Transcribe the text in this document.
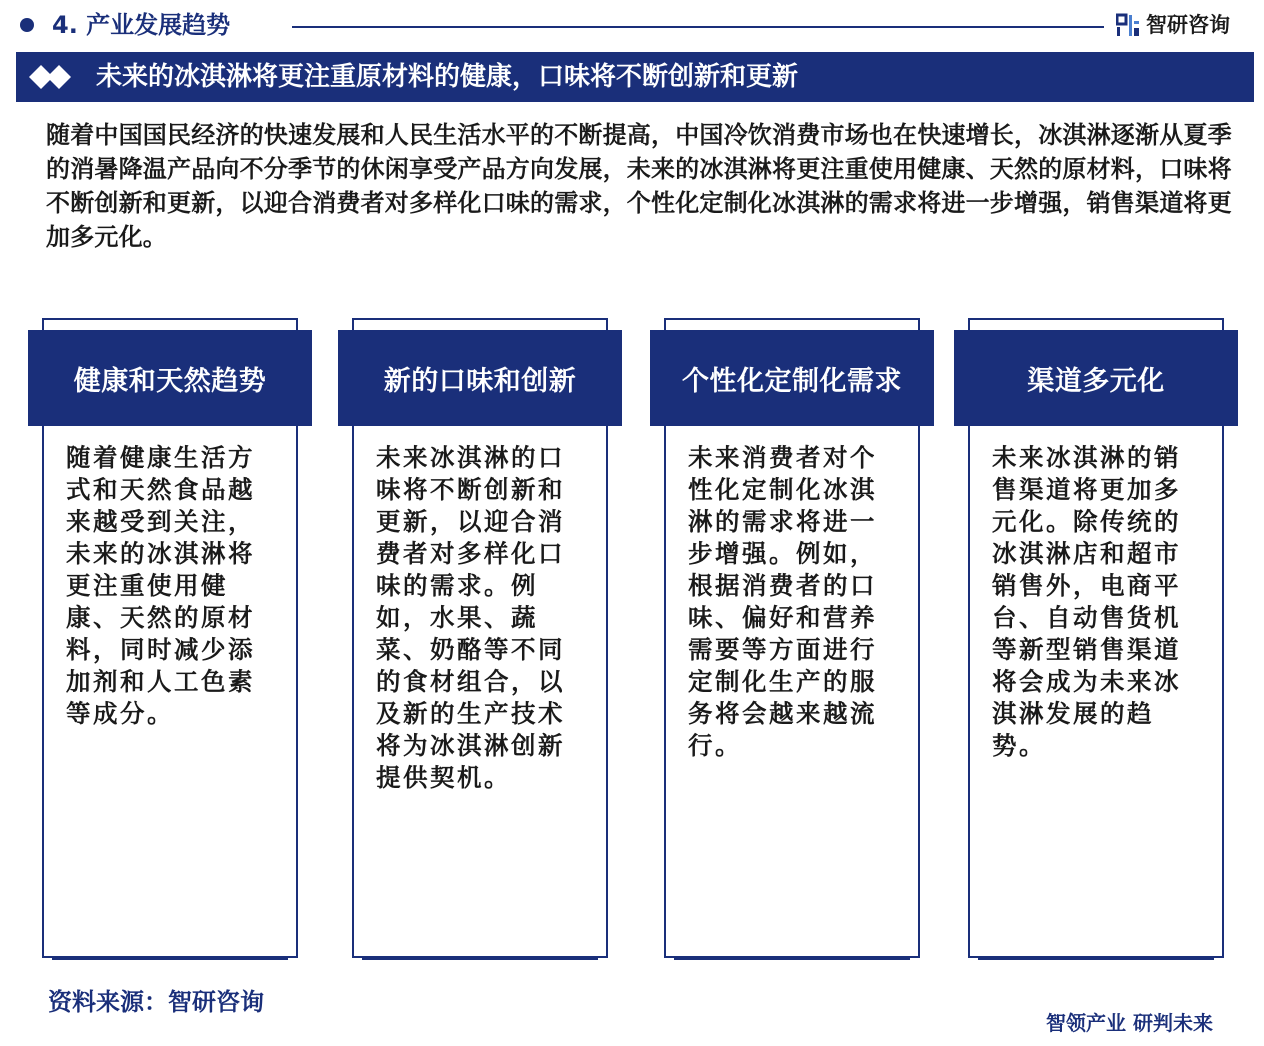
4. 产业发展趋势	智研咨询
未来的冰淇淋将更注重原材料的健康，口味将不断创新和更新

随着中国国民经济的快速发展和人民生活水平的不断提高，中国冷饮消费市场也在快速增长，冰淇淋逐渐从夏季的消暑降温产品向不分季节的休闲享受产品方向发展，未来的冰淇淋将更注重使用健康、天然的原材料，口味将不断创新和更新，以迎合消费者对多样化口味的需求，个性化定制化冰淇淋的需求将进一步增强，销售渠道将更加多元化。

健康和天然趋势

随着健康生活方式和天然食品越来越受到关注，未来的冰淇淋将更注重使用健康、天然的原材料，同时减少添加剂和人工色素等成分。

新的口味和创新

未来冰淇淋的口味将不断创新和更新，以迎合消费者对多样化口味的需求。例如，水果、蔬菜、奶酪等不同的食材组合，以及新的生产技术将为冰淇淋创新提供契机。

个性化定制化需求

未来消费者对个性化定制化冰淇淋的需求将进一步增强。例如，根据消费者的口味、偏好和营养需要等方面进行定制化生产的服务将会越来越流行。

渠道多元化

未来冰淇淋的销售渠道将更加多元化。除传统的冰淇淋店和超市销售外，电商平台、自动售货机等新型销售渠道将会成为未来冰淇淋发展的趋势。

资料来源：智研咨询
智领产业 研判未来
